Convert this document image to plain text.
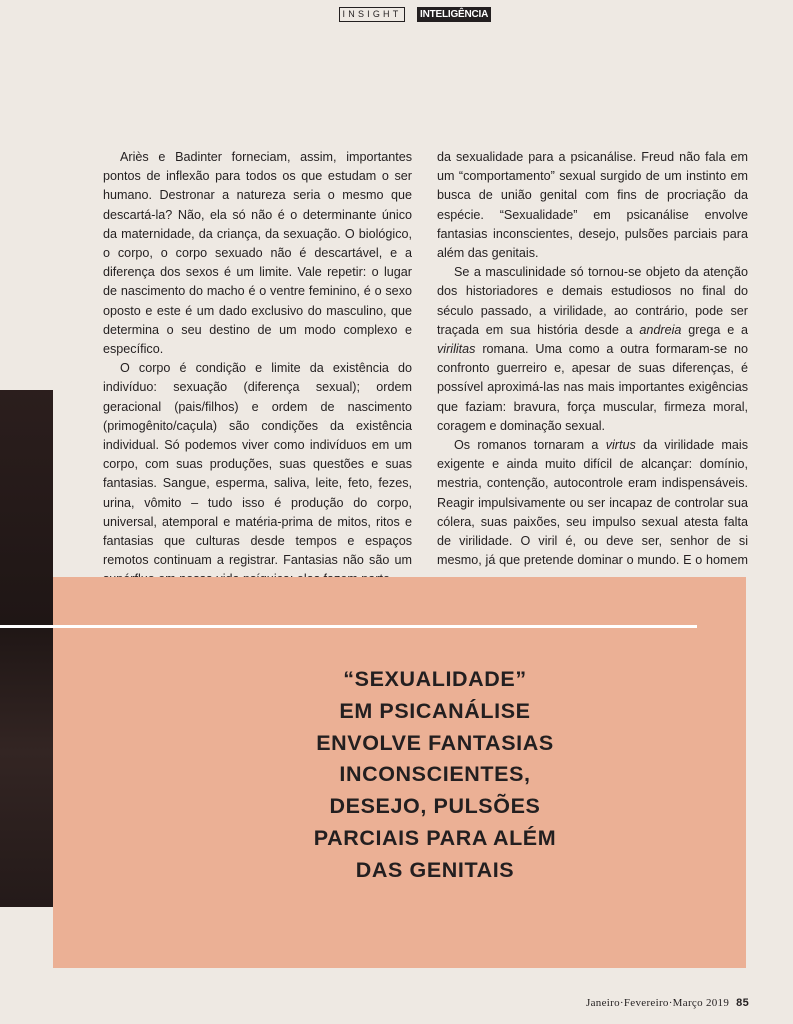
INSIGHT	INTELIGÊNCIA

Ariès e Badinter forneciam, assim, importantes pontos de inflexão para todos os que estudam o ser humano. Destronar a natureza seria o mesmo que descartá-la? Não, ela só não é o determinante único da maternidade, da criança, da sexuação. O biológico, o corpo, o corpo sexuado não é descartável, e a diferença dos sexos é um limite. Vale repetir: o lugar de nascimento do macho é o ventre feminino, é o sexo oposto e este é um dado exclusivo do masculino, que determina o seu destino de um modo complexo e específico.

O corpo é condição e limite da existência do indivíduo: sexuação (diferença sexual); ordem geracional (pais/filhos) e ordem de nascimento (primogênito/caçula) são condições da existência individual. Só podemos viver como indivíduos em um corpo, com suas produções, suas questões e suas fantasias. Sangue, esperma, saliva, leite, feto, fezes, urina, vômito – tudo isso é produção do corpo, universal, atemporal e matéria-prima de mitos, ritos e fantasias que culturas desde tempos e espaços remotos continuam a registrar. Fantasias não são um

da sexualidade para a psicanálise. Freud não fala em um “comportamento” sexual surgido de um instinto em busca de união genital com fins de procriação da espécie. “Sexualidade” em psicanálise envolve fantasias inconscientes, desejo, pulsões parciais para além das genitais.

Se a masculinidade só tornou-se objeto da atenção dos historiadores e demais estudiosos no final do século passado, a virilidade, ao contrário, pode ser traçada em sua história desde a andreia grega e a virilitas romana. Uma como a outra formaram-se no confronto guerreiro e, apesar de suas diferenças, é possível aproximá-las nas mais importantes exigências que faziam: bravura, força muscular, firmeza moral, coragem e dominação sexual.

Os romanos tornaram a virtus da virilidade mais exigente e ainda muito difícil de alcançar: domínio, mestria, contenção, autocontrole eram indispensáveis. Reagir impulsivamente ou ser incapaz de controlar sua cólera, suas paixões, seu impulso sexual atesta falta de virilidade. O viril é, ou deve ser, senhor de si mesmo, já que pretende dominar o mundo. E o homem

“SEXUALIDADE”
EM PSICANÁLISE
ENVOLVE FANTASIAS
INCONSCIENTES,
DESEJO, PULSÕES
PARCIAIS PARA ALÉM
DAS GENITAIS
Janeiro·Fevereiro·Março 2019 85
